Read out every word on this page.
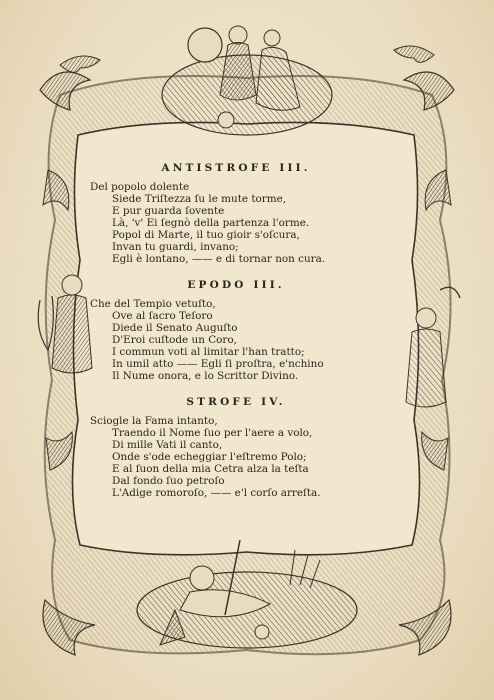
ANTISTROFE III.
Del popolo dolente
Siede Triſtezza ſu le mute torme,
E pur guarda ſovente
Là, 'v' Ei ſegnò della partenza l'orme.
Popol di Marte, il tuo gioir s'oſcura,
Invan tu guardi, invano;
Egli è lontano, —— e di tornar non cura.
EPODO III.
Che del Tempio vetuſto,
Ove al ſacro Teſoro
Diede il Senato Auguſto
D'Eroi cuſtode un Coro,
I commun voti al limitar l'han tratto;
In umil atto —— Egli ſi proſtra, e'nchino
Il Nume onora, e lo Scrittor Divino.
STROFE IV.
Sciogle la Fama intanto,
Traendo il Nome ſuo per l'aere a volo,
Di mille Vati il canto,
Onde s'ode echeggiar l'eſtremo Polo;
E al ſuon della mia Cetra alza la teſta
Dal fondo ſuo petroſo
L'Adige romoroſo, —— e'l corſo arreſta.
